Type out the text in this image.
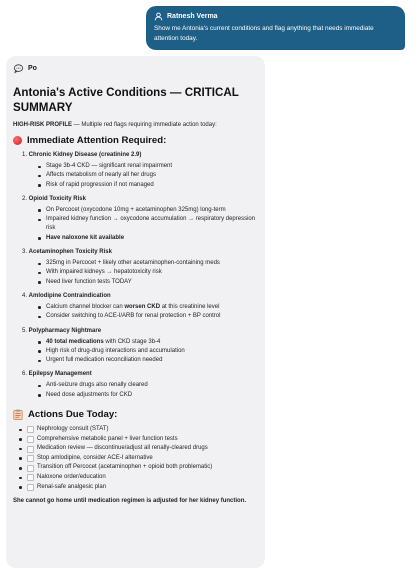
Ratnesh Verma
Show me Antonia's current conditions and flag anything that needs immediate attention today.
Po
Antonia's Active Conditions — CRITICAL SUMMARY
HIGH-RISK PROFILE — Multiple red flags requiring immediate action today:
Immediate Attention Required:
1. Chronic Kidney Disease (creatinine 2.9)
Stage 3b-4 CKD — significant renal impairment
Affects metabolism of nearly all her drugs
Risk of rapid progression if not managed
2. Opioid Toxicity Risk
On Percocet (oxycodone 10mg + acetaminophen 325mg) long-term
Impaired kidney function → oxycodone accumulation → respiratory depression risk
Have naloxone kit available
3. Acetaminophen Toxicity Risk
325mg in Percocet + likely other acetaminophen-containing meds
With impaired kidneys → hepatotoxicity risk
Need liver function tests TODAY
4. Amlodipine Contraindication
Calcium channel blocker can worsen CKD at this creatinine level
Consider switching to ACE-I/ARB for renal protection + BP control
5. Polypharmacy Nightmare
40 total medications with CKD stage 3b-4
High risk of drug-drug interactions and accumulation
Urgent full medication reconciliation needed
6. Epilepsy Management
Anti-seizure drugs also renally cleared
Need dose adjustments for CKD
Actions Due Today:
Nephrology consult (STAT)
Comprehensive metabolic panel + liver function tests
Medication review — discontinue/adjust all renally-cleared drugs
Stop amlodipine, consider ACE-I alternative
Transition off Percocet (acetaminophen + opioid both problematic)
Naloxone order/education
Renal-safe analgesic plan
She cannot go home until medication regimen is adjusted for her kidney function.
